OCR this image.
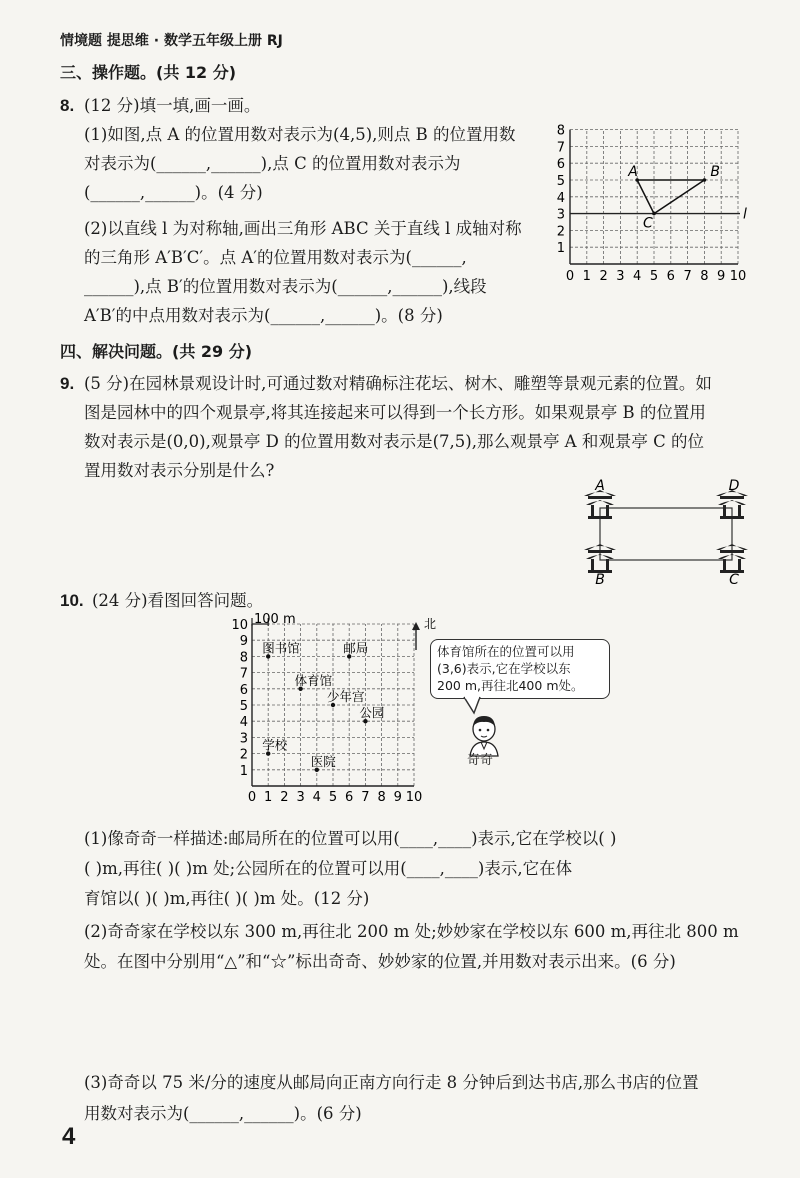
情境题 提思维 · 数学五年级上册 RJ
三、操作题。(共 12 分)
8. (12 分)填一填,画一画。
(1)如图,点 A 的位置用数对表示为(4,5),则点 B 的位置用数
对表示为(______,______),点 C 的位置用数对表示为
(______,______)。(4 分)
(2)以直线 l 为对称轴,画出三角形 ABC 关于直线 l 成轴对称
的三角形 A′B′C′。点 A′的位置用数对表示为(______,
______),点 B′的位置用数对表示为(______,______),线段
A′B′的中点用数对表示为(______,______)。(8 分)
0 1 2 3 4 5 6 7 8 9 10
1
2
3
4
5
6
7
8
l
A	B
C
四、解决问题。(共 29 分)
9. (5 分)在园林景观设计时,可通过数对精确标注花坛、树木、雕塑等景观元素的位置。如
图是园林中的四个观景亭,将其连接起来可以得到一个长方形。如果观景亭 B 的位置用
数对表示是(0,0),观景亭 D 的位置用数对表示是(7,5),那么观景亭 A 和观景亭 C 的位
置用数对表示分别是什么?
A	D
B	C
10. (24 分)看图回答问题。
0 1 2 3 4 5 6 7 8 9 10
1
2
3
4
5
6
7
8
9
10
图书馆	邮局
体育馆
少年宫
公园
学校
医院
100 m	北
体育馆所在的位置可以用
(3,6)表示,它在学校以东
200 m,再往北400 m处。
奇奇
(1)像奇奇一样描述:邮局所在的位置可以用(____,____)表示,它在学校以( )
( )m,再往( )( )m 处;公园所在的位置可以用(____,____)表示,它在体
育馆以( )( )m,再往( )( )m 处。(12 分)
(2)奇奇家在学校以东 300 m,再往北 200 m 处;妙妙家在学校以东 600 m,再往北 800 m
处。在图中分别用“△”和“☆”标出奇奇、妙妙家的位置,并用数对表示出来。(6 分)
(3)奇奇以 75 米/分的速度从邮局向正南方向行走 8 分钟后到达书店,那么书店的位置
用数对表示为(______,______)。(6 分)
4
